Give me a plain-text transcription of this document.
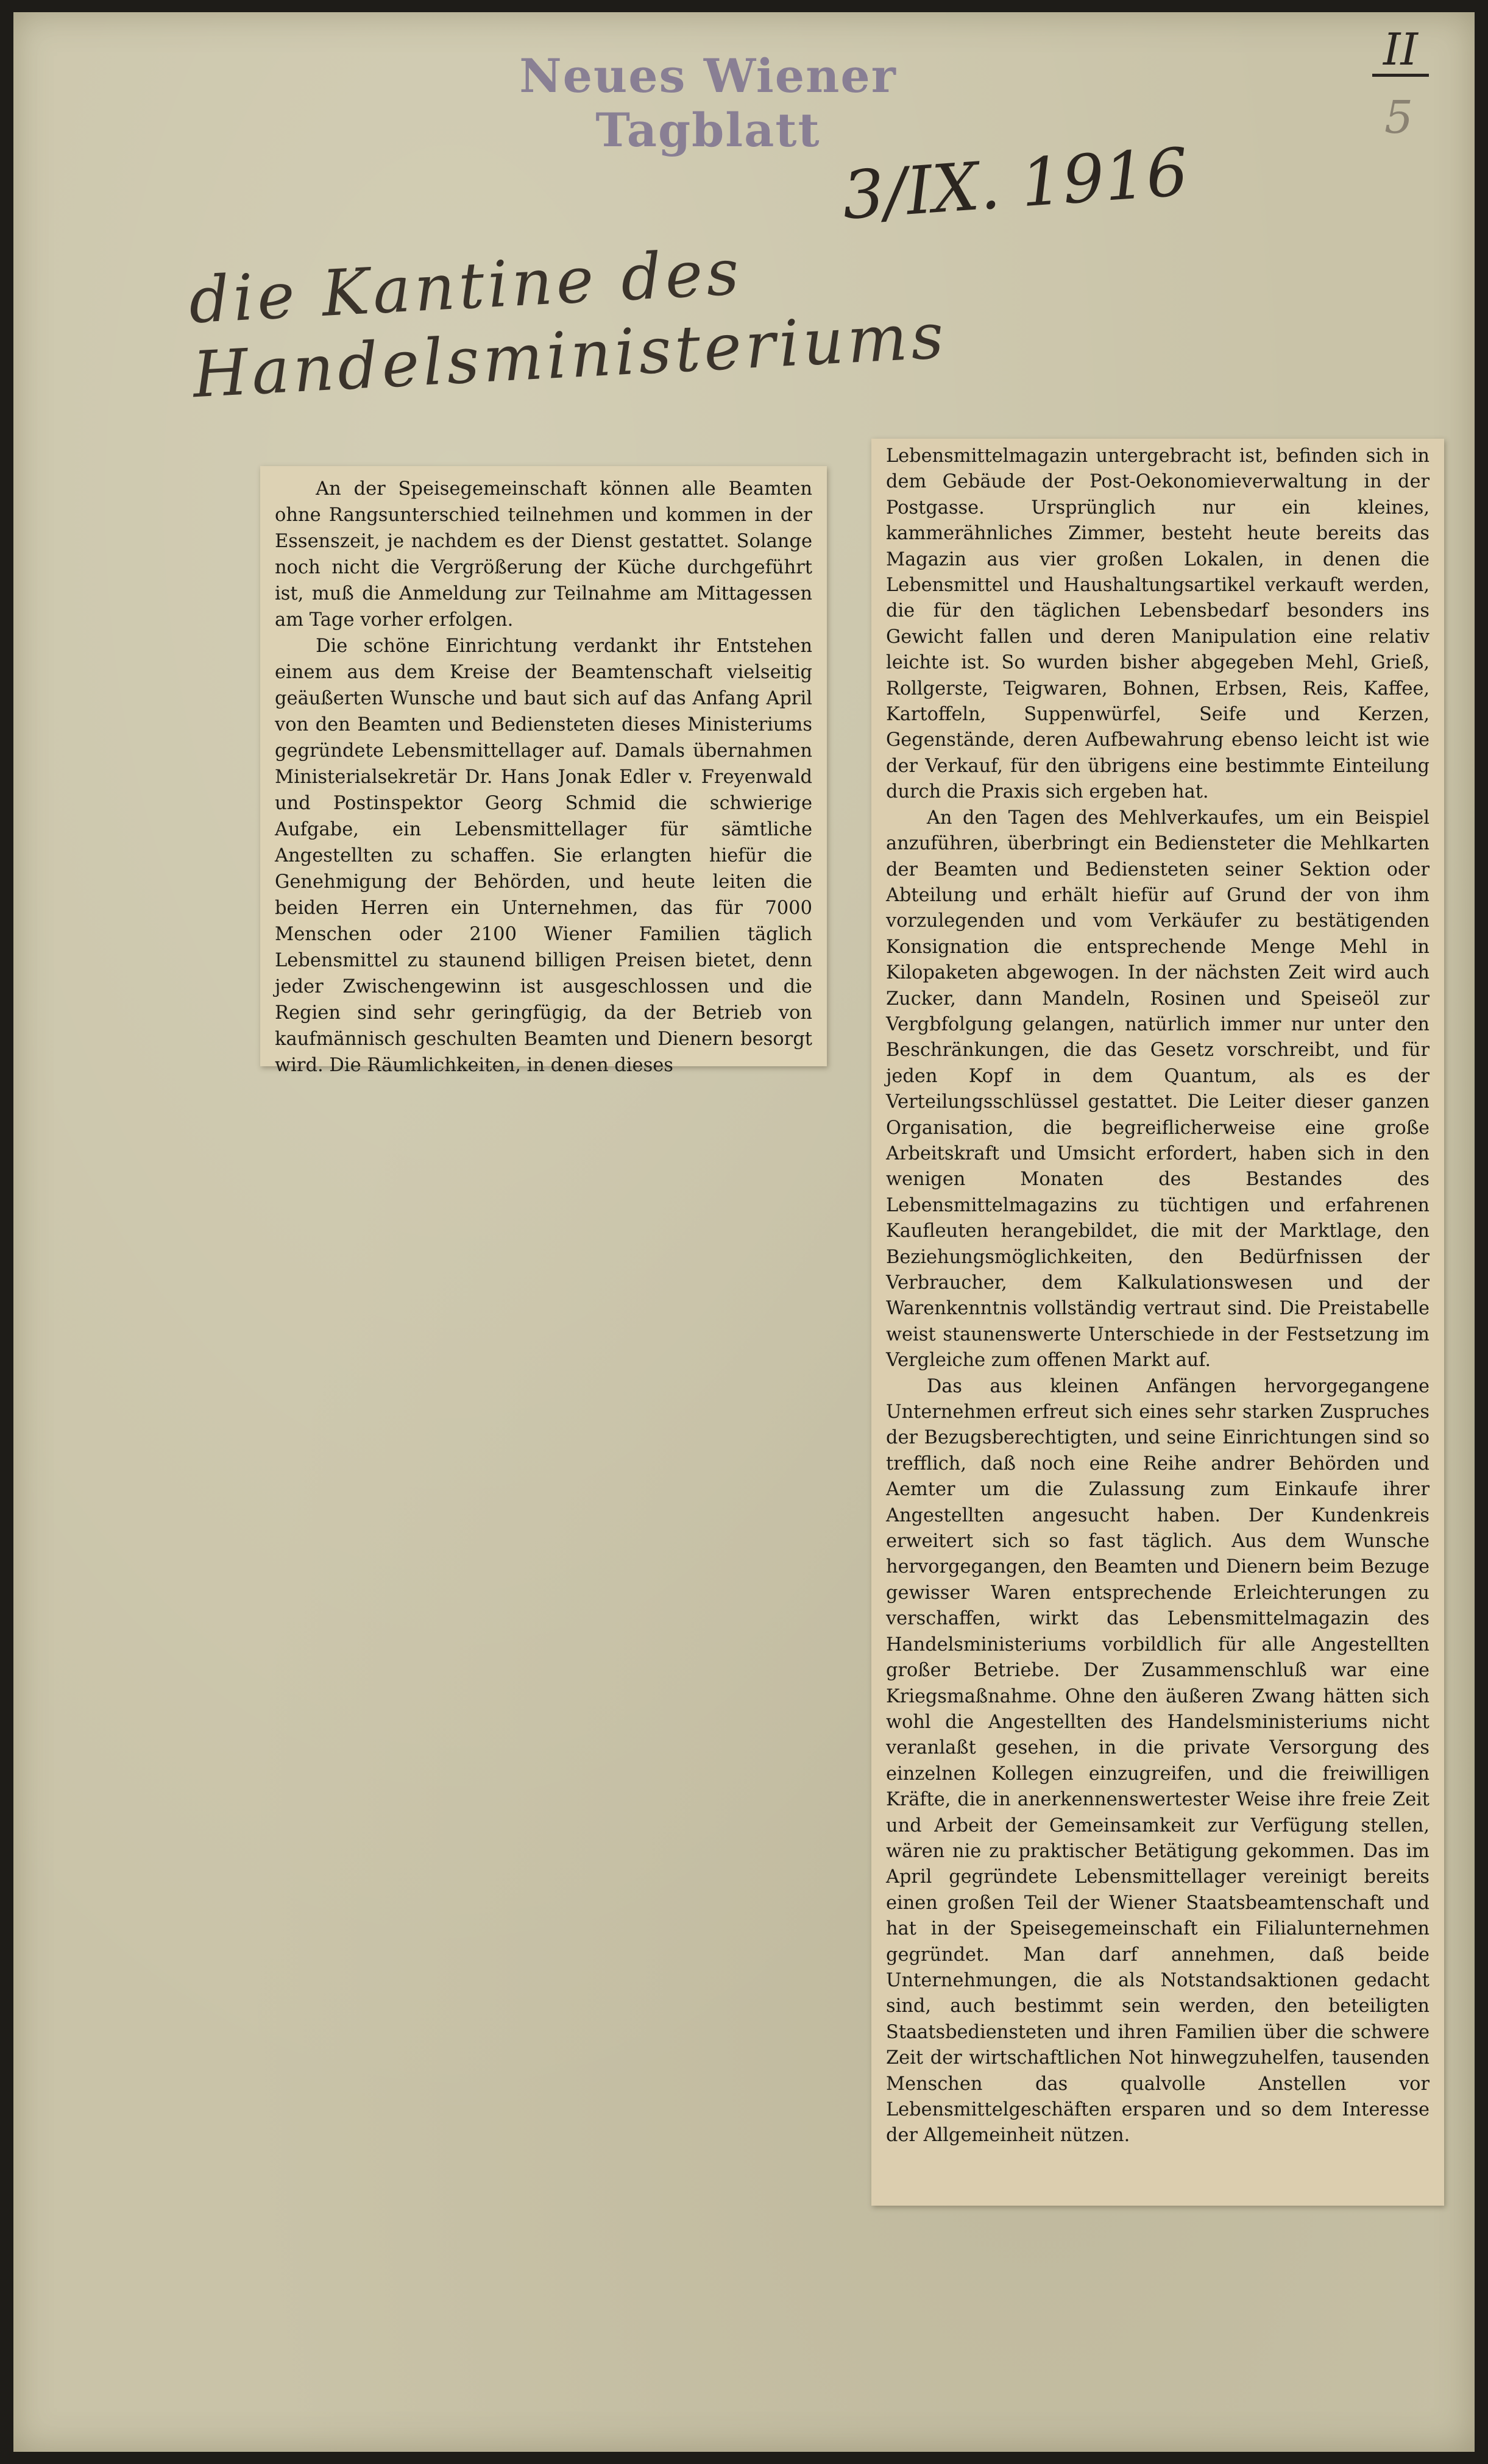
Neues Wiener Tagblatt
II
5
3/IX. 1916
die Kantine des Handelsministeriums

An der Speisegemeinschaft können alle Beamten ohne Rangsunterschied teilnehmen und kommen in der Essenszeit, je nachdem es der Dienst gestattet. Solange noch nicht die Vergrößerung der Küche durchgeführt ist, muß die Anmeldung zur Teilnahme am Mittagessen am Tage vorher erfolgen.

Die schöne Einrichtung verdankt ihr Entstehen einem aus dem Kreise der Beamtenschaft vielseitig geäußerten Wunsche und baut sich auf das Anfang April von den Beamten und Bediensteten dieses Ministeriums gegründete Lebensmittellager auf. Damals übernahmen Ministerialsekretär Dr. Hans Jonak Edler v. Freyenwald und Postinspektor Georg Schmid die schwierige Aufgabe, ein Lebensmittellager für sämtliche Angestellten zu schaffen. Sie erlangten hiefür die Genehmigung der Behörden, und heute leiten die beiden Herren ein Unternehmen, das für 7000 Menschen oder 2100 Wiener Familien täglich Lebensmittel zu staunend billigen Preisen bietet, denn jeder Zwischengewinn ist ausgeschlossen und die Regien sind sehr geringfügig, da der Betrieb von kaufmännisch geschulten Beamten und Dienern besorgt wird. Die Räumlichkeiten, in denen dieses

Lebensmittelmagazin untergebracht ist, befinden sich in dem Gebäude der Post-Oekonomieverwaltung in der Postgasse. Ursprünglich nur ein kleines, kammerähnliches Zimmer, besteht heute bereits das Magazin aus vier großen Lokalen, in denen die Lebensmittel und Haushaltungsartikel verkauft werden, die für den täglichen Lebensbedarf besonders ins Gewicht fallen und deren Manipulation eine relativ leichte ist. So wurden bisher abgegeben Mehl, Grieß, Rollgerste, Teigwaren, Bohnen, Erbsen, Reis, Kaffee, Kartoffeln, Suppenwürfel, Seife und Kerzen, Gegenstände, deren Aufbewahrung ebenso leicht ist wie der Verkauf, für den übrigens eine bestimmte Einteilung durch die Praxis sich ergeben hat.

An den Tagen des Mehlverkaufes, um ein Beispiel anzuführen, überbringt ein Bediensteter die Mehlkarten der Beamten und Bediensteten seiner Sektion oder Abteilung und erhält hiefür auf Grund der von ihm vorzulegenden und vom Verkäufer zu bestätigenden Konsignation die entsprechende Menge Mehl in Kilopaketen abgewogen. In der nächsten Zeit wird auch Zucker, dann Mandeln, Rosinen und Speiseöl zur Vergbfolgung gelangen, natürlich immer nur unter den Beschränkungen, die das Gesetz vorschreibt, und für jeden Kopf in dem Quantum, als es der Verteilungsschlüssel gestattet. Die Leiter dieser ganzen Organisation, die begreiflicherweise eine große Arbeitskraft und Umsicht erfordert, haben sich in den wenigen Monaten des Bestandes des Lebensmittelmagazins zu tüchtigen und erfahrenen Kaufleuten herangebildet, die mit der Marktlage, den Beziehungsmöglichkeiten, den Bedürfnissen der Verbraucher, dem Kalkulationswesen und der Warenkenntnis vollständig vertraut sind. Die Preistabelle weist staunenswerte Unterschiede in der Festsetzung im Vergleiche zum offenen Markt auf.

Das aus kleinen Anfängen hervorgegangene Unternehmen erfreut sich eines sehr starken Zuspruches der Bezugsberechtigten, und seine Einrichtungen sind so trefflich, daß noch eine Reihe andrer Behörden und Aemter um die Zulassung zum Einkaufe ihrer Angestellten angesucht haben. Der Kundenkreis erweitert sich so fast täglich. Aus dem Wunsche hervorgegangen, den Beamten und Dienern beim Bezuge gewisser Waren entsprechende Erleichterungen zu verschaffen, wirkt das Lebensmittelmagazin des Handelsministeriums vorbildlich für alle Angestellten großer Betriebe. Der Zusammenschluß war eine Kriegsmaßnahme. Ohne den äußeren Zwang hätten sich wohl die Angestellten des Handelsministeriums nicht veranlaßt gesehen, in die private Versorgung des einzelnen Kollegen einzugreifen, und die freiwilligen Kräfte, die in anerkennenswertester Weise ihre freie Zeit und Arbeit der Gemeinsamkeit zur Verfügung stellen, wären nie zu praktischer Betätigung gekommen. Das im April gegründete Lebensmittellager vereinigt bereits einen großen Teil der Wiener Staatsbeamtenschaft und hat in der Speisegemeinschaft ein Filialunternehmen gegründet. Man darf annehmen, daß beide Unternehmungen, die als Notstandsaktionen gedacht sind, auch bestimmt sein werden, den beteiligten Staatsbediensteten und ihren Familien über die schwere Zeit der wirtschaftlichen Not hinwegzuhelfen, tausenden Menschen das qualvolle Anstellen vor Lebensmittelgeschäften ersparen und so dem Interesse der Allgemeinheit nützen.
